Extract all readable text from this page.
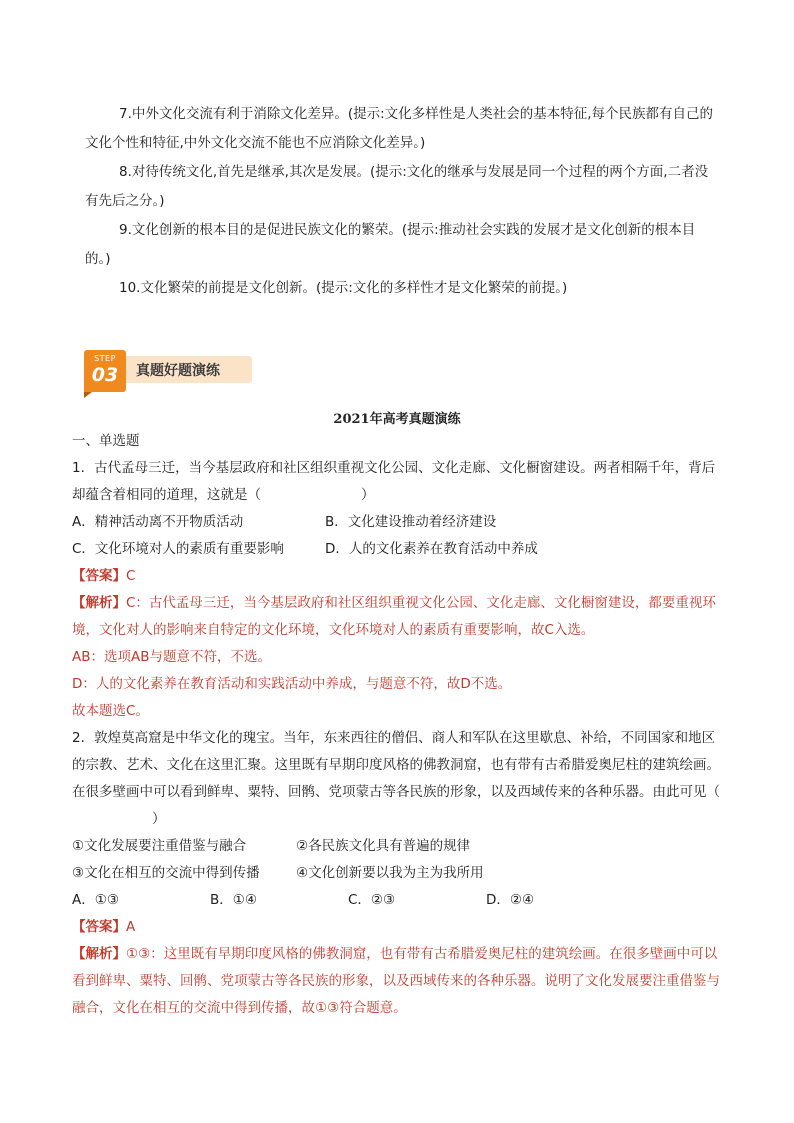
7.中外文化交流有利于消除文化差异。(提示:文化多样性是人类社会的基本特征,每个民族都有自己的文化个性和特征,中外文化交流不能也不应消除文化差异。)

8.对待传统文化,首先是继承,其次是发展。(提示:文化的继承与发展是同一个过程的两个方面,二者没有先后之分。)

9.文化创新的根本目的是促进民族文化的繁荣。(提示:推动社会实践的发展才是文化创新的根本目的。)

10.文化繁荣的前提是文化创新。(提示:文化的多样性才是文化繁荣的前提。)

STEP
03	真题好题演练
2021年高考真题演练

一、单选题

1．古代孟母三迁，当今基层政府和社区组织重视文化公园、文化走廊、文化橱窗建设。两者相隔千年，背后却蕴含着相同的道理，这就是（	）

A．精神活动离不开物质活动	B．文化建设推动着经济建设
C．文化环境对人的素质有重要影响	D．人的文化素养在教育活动中养成

【答案】C

【解析】C：古代孟母三迁，当今基层政府和社区组织重视文化公园、文化走廊、文化橱窗建设，都要重视环境，文化对人的影响来自特定的文化环境，文化环境对人的素质有重要影响，故C入选。

AB：选项AB与题意不符，不选。

D：人的文化素养在教育活动和实践活动中养成，与题意不符，故D不选。

故本题选C。

2．敦煌莫高窟是中华文化的瑰宝。当年，东来西往的僧侣、商人和军队在这里歇息、补给，不同国家和地区的宗教、艺术、文化在这里汇聚。这里既有早期印度风格的佛教洞窟，也有带有古希腊爱奥尼柱的建筑绘画。在很多壁画中可以看到鲜卑、粟特、回鹘、党项蒙古等各民族的形象，以及西域传来的各种乐器。由此可见（）

①文化发展要注重借鉴与融合	②各民族文化具有普遍的规律
③文化在相互的交流中得到传播	④文化创新要以我为主为我所用
A．①③	B．①④	C．②③	D．②④

【答案】A

【解析】①③：这里既有早期印度风格的佛教洞窟，也有带有古希腊爱奥尼柱的建筑绘画。在很多壁画中可以看到鲜卑、粟特、回鹘、党项蒙古等各民族的形象，以及西域传来的各种乐器。说明了文化发展要注重借鉴与融合，文化在相互的交流中得到传播，故①③符合题意。
